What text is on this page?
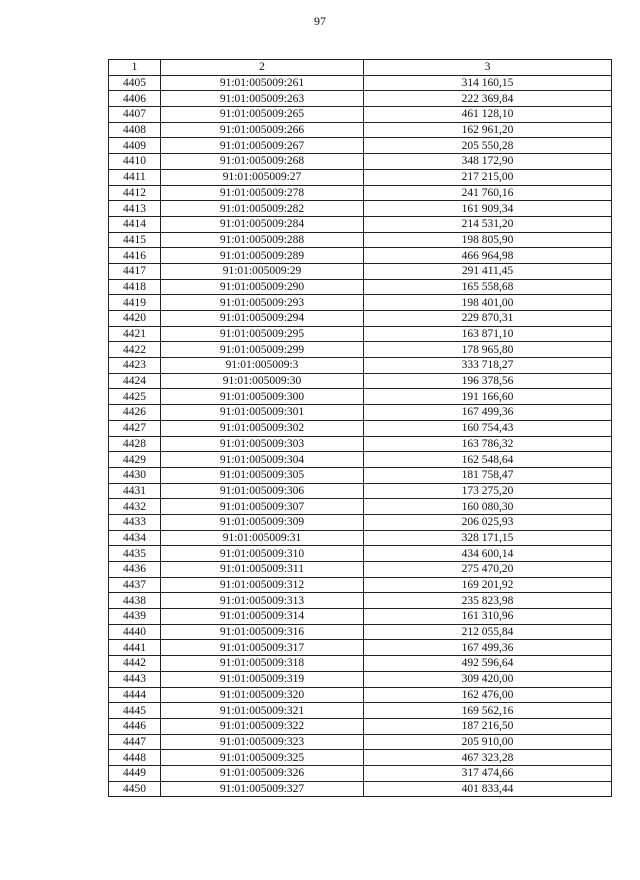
97
1	2	3
4405	91:01:005009:261	314 160,15
4406	91:01:005009:263	222 369,84
4407	91:01:005009:265	461 128,10
4408	91:01:005009:266	162 961,20
4409	91:01:005009:267	205 550,28
4410	91:01:005009:268	348 172,90
4411	91:01:005009:27	217 215,00
4412	91:01:005009:278	241 760,16
4413	91:01:005009:282	161 909,34
4414	91:01:005009:284	214 531,20
4415	91:01:005009:288	198 805,90
4416	91:01:005009:289	466 964,98
4417	91:01:005009:29	291 411,45
4418	91:01:005009:290	165 558,68
4419	91:01:005009:293	198 401,00
4420	91:01:005009:294	229 870,31
4421	91:01:005009:295	163 871,10
4422	91:01:005009:299	178 965,80
4423	91:01:005009:3	333 718,27
4424	91:01:005009:30	196 378,56
4425	91:01:005009:300	191 166,60
4426	91:01:005009:301	167 499,36
4427	91:01:005009:302	160 754,43
4428	91:01:005009:303	163 786,32
4429	91:01:005009:304	162 548,64
4430	91:01:005009:305	181 758,47
4431	91:01:005009:306	173 275,20
4432	91:01:005009:307	160 080,30
4433	91:01:005009:309	206 025,93
4434	91:01:005009:31	328 171,15
4435	91:01:005009:310	434 600,14
4436	91:01:005009:311	275 470,20
4437	91:01:005009:312	169 201,92
4438	91:01:005009:313	235 823,98
4439	91:01:005009:314	161 310,96
4440	91:01:005009:316	212 055,84
4441	91:01:005009:317	167 499,36
4442	91:01:005009:318	492 596,64
4443	91:01:005009:319	309 420,00
4444	91:01:005009:320	162 476,00
4445	91:01:005009:321	169 562,16
4446	91:01:005009:322	187 216,50
4447	91:01:005009:323	205 910,00
4448	91:01:005009:325	467 323,28
4449	91:01:005009:326	317 474,66
4450	91:01:005009:327	401 833,44
